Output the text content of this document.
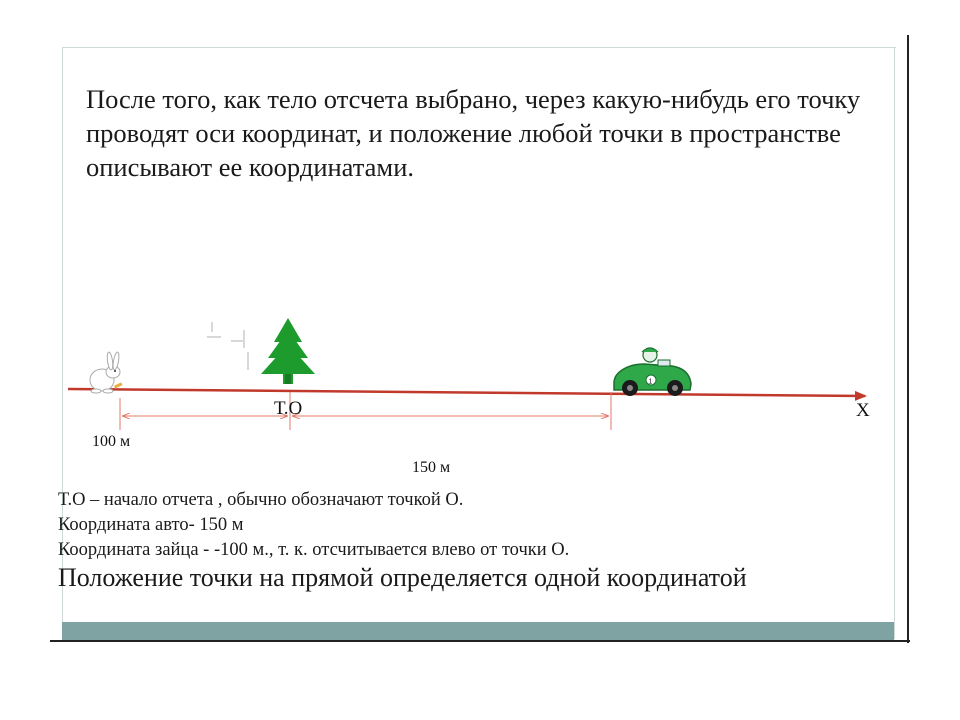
После того, как тело отсчета выбрано, через какую-нибудь его точку проводят оси координат, и положение любой точки в пространстве описывают ее координатами.

1
Т.О	X
100 м
150 м
Т.О – начало отчета , обычно обозначают точкой О.
Координата авто- 150 м
Координата зайца - -100 м., т. к. отсчитывается влево от точки О.
Положение точки на прямой определяется одной координатой
